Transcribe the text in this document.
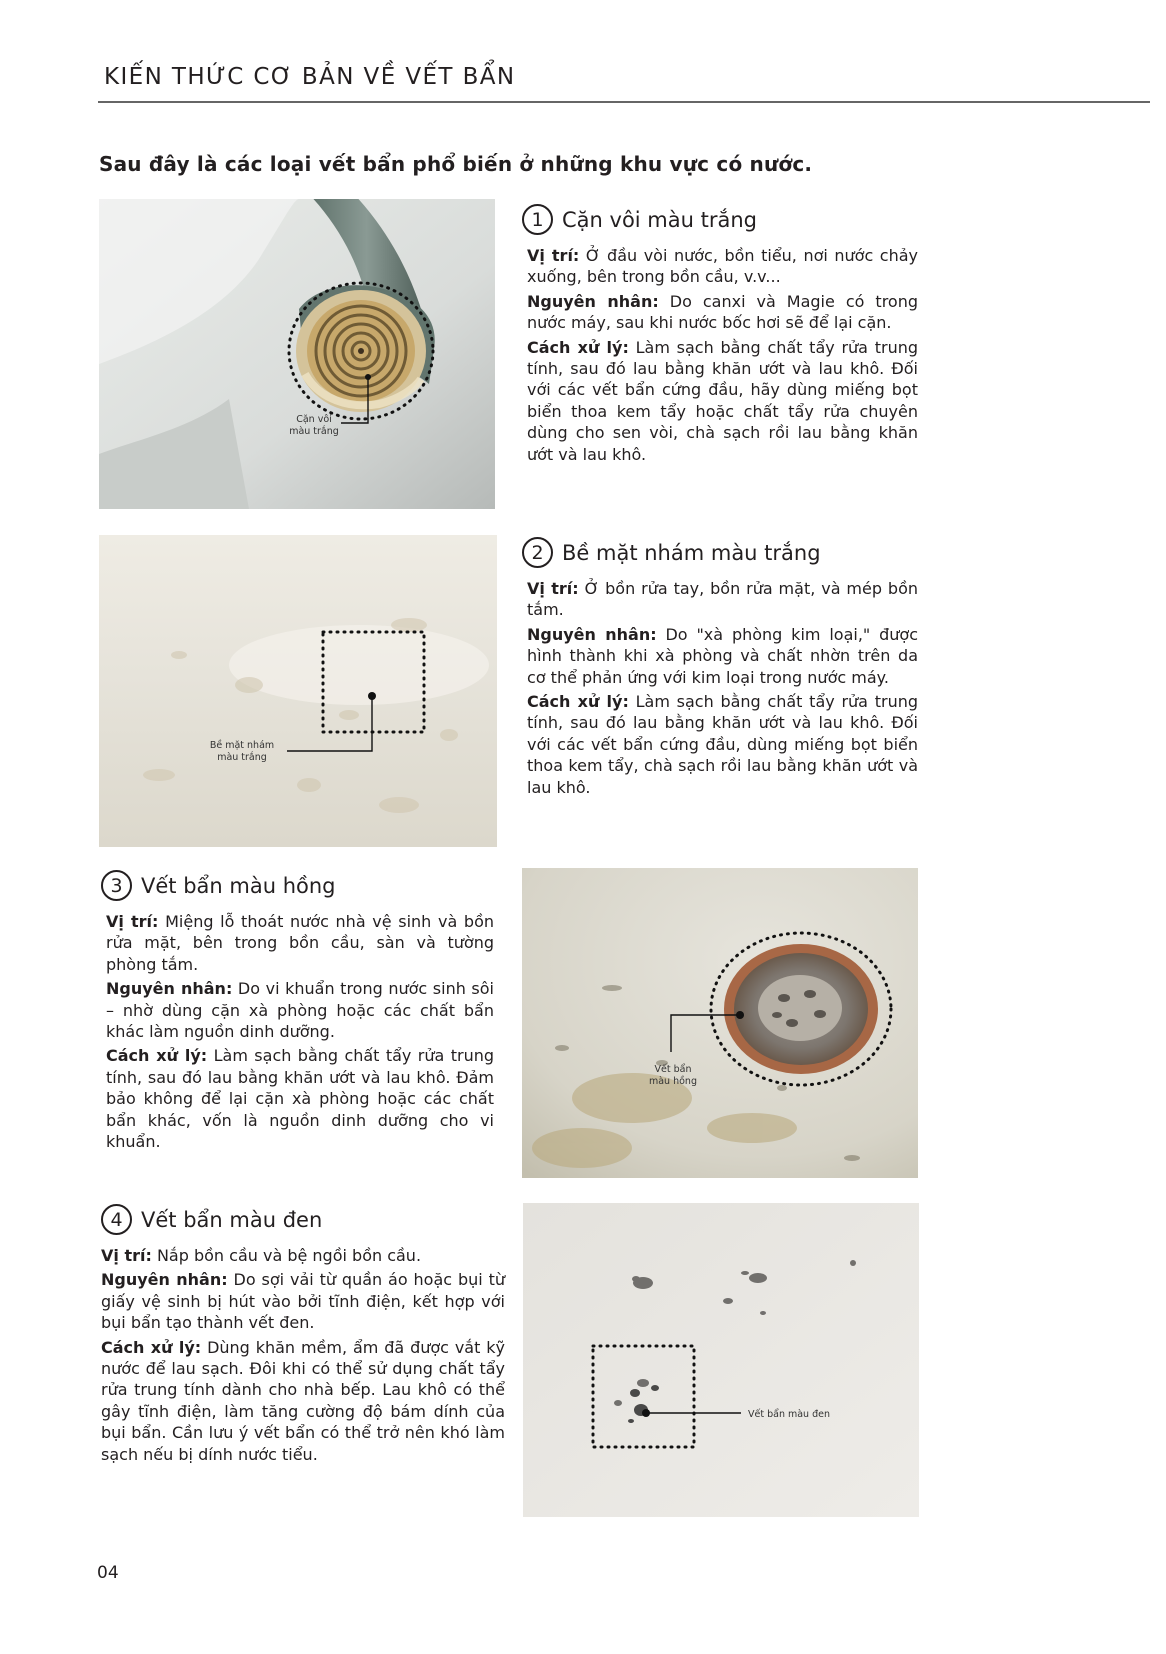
KIẾN THỨC CƠ BẢN VỀ VẾT BẨN

Sau đây là các loại vết bẩn phổ biến ở những khu vực có nước.

Cặn vôi
màu trắng
1 Cặn vôi màu trắng

Vị trí: Ở đầu vòi nước, bồn tiểu, nơi nước chảy xuống, bên trong bồn cầu, v.v...

Nguyên nhân: Do canxi và Magie có trong nước máy, sau khi nước bốc hơi sẽ để lại cặn.

Cách xử lý: Làm sạch bằng chất tẩy rửa trung tính, sau đó lau bằng khăn ướt và lau khô. Đối với các vết bẩn cứng đầu, hãy dùng miếng bọt biển thoa kem tẩy hoặc chất tẩy rửa chuyên dùng cho sen vòi, chà sạch rồi lau bằng khăn ướt và lau khô.

Bề mặt nhám
màu trắng
2 Bề mặt nhám màu trắng

Vị trí: Ở bồn rửa tay, bồn rửa mặt, và mép bồn tắm.

Nguyên nhân: Do "xà phòng kim loại," được hình thành khi xà phòng và chất nhờn trên da cơ thể phản ứng với kim loại trong nước máy.

Cách xử lý: Làm sạch bằng chất tẩy rửa trung tính, sau đó lau bằng khăn ướt và lau khô. Đối với các vết bẩn cứng đầu, dùng miếng bọt biển thoa kem tẩy, chà sạch rồi lau bằng khăn ướt và lau khô.

3 Vết bẩn màu hồng

Vị trí: Miệng lỗ thoát nước nhà vệ sinh và bồn rửa mặt, bên trong bồn cầu, sàn và tường phòng tắm.

Nguyên nhân: Do vi khuẩn trong nước sinh sôi – nhờ dùng cặn xà phòng hoặc các chất bẩn khác làm nguồn dinh dưỡng.

Cách xử lý: Làm sạch bằng chất tẩy rửa trung tính, sau đó lau bằng khăn ướt và lau khô. Đảm bảo không để lại cặn xà phòng hoặc các chất bẩn khác, vốn là nguồn dinh dưỡng cho vi khuẩn.

Vết bẩn
màu hồng
4 Vết bẩn màu đen

Vị trí: Nắp bồn cầu và bệ ngồi bồn cầu.

Nguyên nhân: Do sợi vải từ quần áo hoặc bụi từ giấy vệ sinh bị hút vào bởi tĩnh điện, kết hợp với bụi bẩn tạo thành vết đen.

Cách xử lý: Dùng khăn mềm, ẩm đã được vắt kỹ nước để lau sạch. Đôi khi có thể sử dụng chất tẩy rửa trung tính dành cho nhà bếp. Lau khô có thể gây tĩnh điện, làm tăng cường độ bám dính của bụi bẩn. Cần lưu ý vết bẩn có thể trở nên khó làm sạch nếu bị dính nước tiểu.

Vết bẩn màu đen

04
